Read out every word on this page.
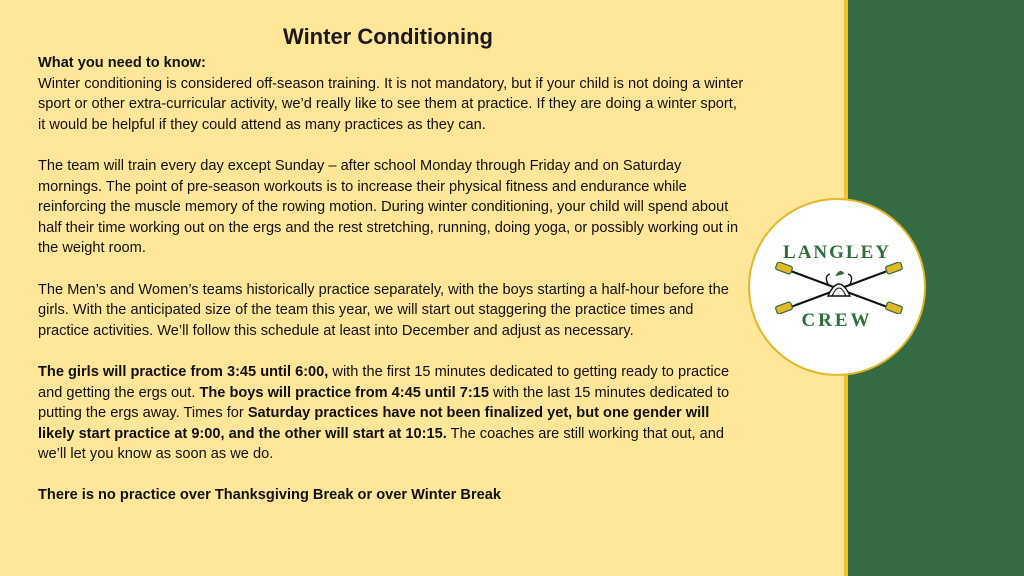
Winter Conditioning

What you need to know:

Winter conditioning is considered off-season training. It is not mandatory, but if your child is not doing a winter sport or other extra-curricular activity, we’d really like to see them at practice. If they are doing a winter sport, it would be helpful if they could attend as many practices as they can.

The team will train every day except Sunday – after school Monday through Friday and on Saturday mornings. The point of pre-season workouts is to increase their physical fitness and endurance while reinforcing the muscle memory of the rowing motion. During winter conditioning, your child will spend about half their time working out on the ergs and the rest stretching, running, doing yoga, or possibly working out in the weight room.

The Men’s and Women’s teams historically practice separately, with the boys starting a half-hour before the girls. With the anticipated size of the team this year, we will start out staggering the practice times and practice activities. We’ll follow this schedule at least into December and adjust as necessary.

The girls will practice from 3:45 until 6:00, with the first 15 minutes dedicated to getting ready to practice and getting the ergs out. The boys will practice from 4:45 until 7:15 with the last 15 minutes dedicated to putting the ergs away. Times for Saturday practices have not been finalized yet, but one gender will likely start practice at 9:00, and the other will start at 10:15. The coaches are still working that out, and we’ll let you know as soon as we do.

There is no practice over Thanksgiving Break or over Winter Break

LANGLEY
CREW
